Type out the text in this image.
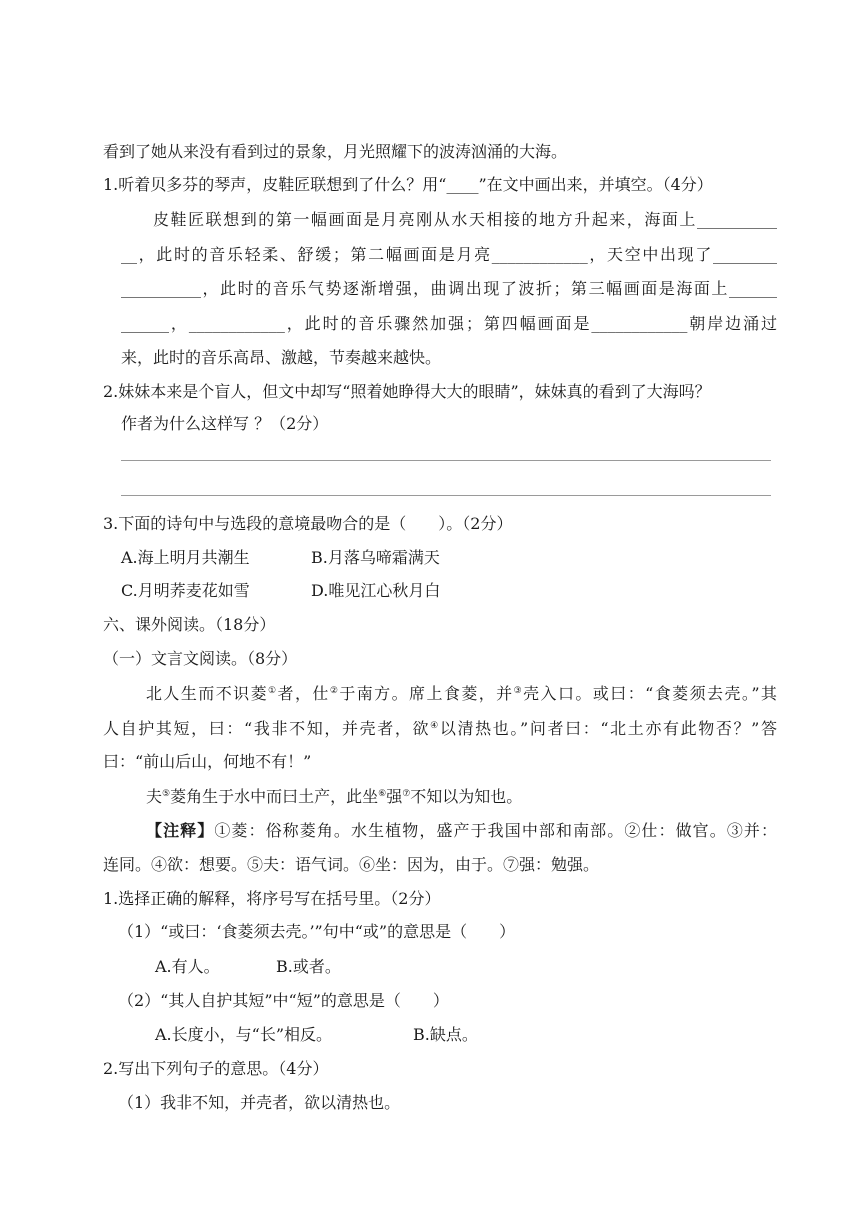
看到了她从来没有看到过的景象，月光照耀下的波涛汹涌的大海。
1.听着贝多芬的琴声，皮鞋匠联想到了什么？用“____”在文中画出来，并填空。（4分）
皮鞋匠联想到的第一幅画面是月亮刚从水天相接的地方升起来，海面上__________
__，此时的音乐轻柔、舒缓；第二幅画面是月亮____________，天空中出现了________
__________，此时的音乐气势逐渐增强，曲调出现了波折；第三幅画面是海面上______
______，____________，此时的音乐骤然加强；第四幅画面是____________朝岸边涌过
来，此时的音乐高昂、激越，节奏越来越快。
2.妹妹本来是个盲人，但文中却写“照着她睁得大大的眼睛”，妹妹真的看到了大海吗？
作者为什么这样写 ？（2分）
3.下面的诗句中与选段的意境最吻合的是（　　）。（2分）
A.海上明月共潮生	B.月落乌啼霜满天
C.月明荞麦花如雪	D.唯见江心秋月白
六、课外阅读。（18分）
（一）文言文阅读。（8分）
北人生而不识菱①者，仕②于南方。席上食菱，并③壳入口。或曰：“食菱须去壳。”其
人自护其短，曰：“我非不知，并壳者，欲④以清热也。”问者曰：“北土亦有此物否？”答
曰：“前山后山，何地不有！”
夫⑤菱角生于水中而曰土产，此坐⑥强⑦不知以为知也。
【注释】①菱：俗称菱角。水生植物，盛产于我国中部和南部。②仕：做官。③并：
连同。④欲：想要。⑤夫：语气词。⑥坐：因为，由于。⑦强：勉强。
1.选择正确的解释，将序号写在括号里。（2分）
（1）“或曰：‘食菱须去壳。’”句中“或”的意思是（　　）
A.有人。	B.或者。
（2）“其人自护其短”中“短”的意思是（　　）
A.长度小，与“长”相反。	B.缺点。
2.写出下列句子的意思。（4分）
（1）我非不知，并壳者，欲以清热也。
